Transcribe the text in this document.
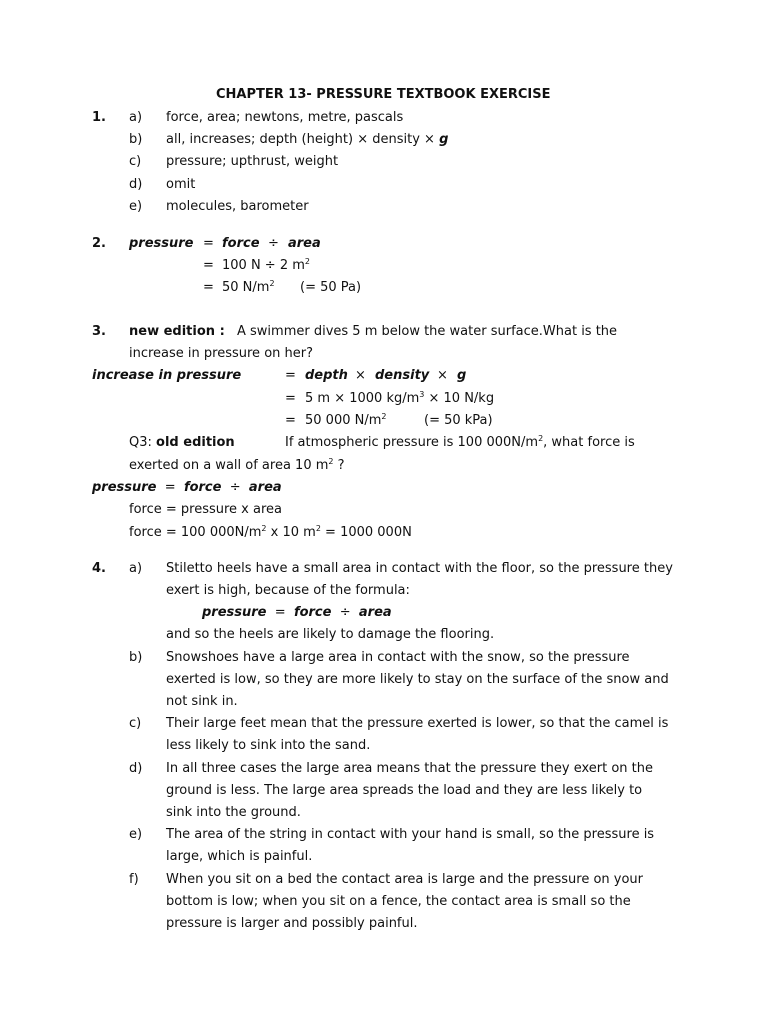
CHAPTER 13- PRESSURE TEXTBOOK EXERCISE
1. a) force, area; newtons, metre, pascals
b) all, increases; depth (height) × density × g
c) pressure; upthrust, weight
d) omit
e) molecules, barometer
2. pressure = force ÷ area
= 100 N ÷ 2 $m^2$
= 50 $N/m^2$ (= 50 Pa)
3. new edition : A swimmer dives 5 m below the water surface.What is the
increase in pressure on her?
increase in pressure	= depth × density × g
= 5 m × 1000 $kg/m^3 \times 10$ N/kg
= 50 000 $N/m^2$	(= 50 kPa)
Q3: old edition	If atmospheric pressure is 100 $000N/m^2$, what force is
exerted on a wall of area 10 $m^2$ ?
pressure = force ÷ area
force = pressure x area
force = 100 $000N/m^2$ x 10 $m^2 = 1000$ 000N
4. a) Stiletto heels have a small area in contact with the floor, so the pressure they
exert is high, because of the formula:
pressure = force ÷ area
and so the heels are likely to damage the flooring.
b) Snowshoes have a large area in contact with the snow, so the pressure
exerted is low, so they are more likely to stay on the surface of the snow and
not sink in.
c) Their large feet mean that the pressure exerted is lower, so that the camel is
less likely to sink into the sand.
d) In all three cases the large area means that the pressure they exert on the
ground is less. The large area spreads the load and they are less likely to
sink into the ground.
e) The area of the string in contact with your hand is small, so the pressure is
large, which is painful.
f) When you sit on a bed the contact area is large and the pressure on your
bottom is low; when you sit on a fence, the contact area is small so the
pressure is larger and possibly painful.
